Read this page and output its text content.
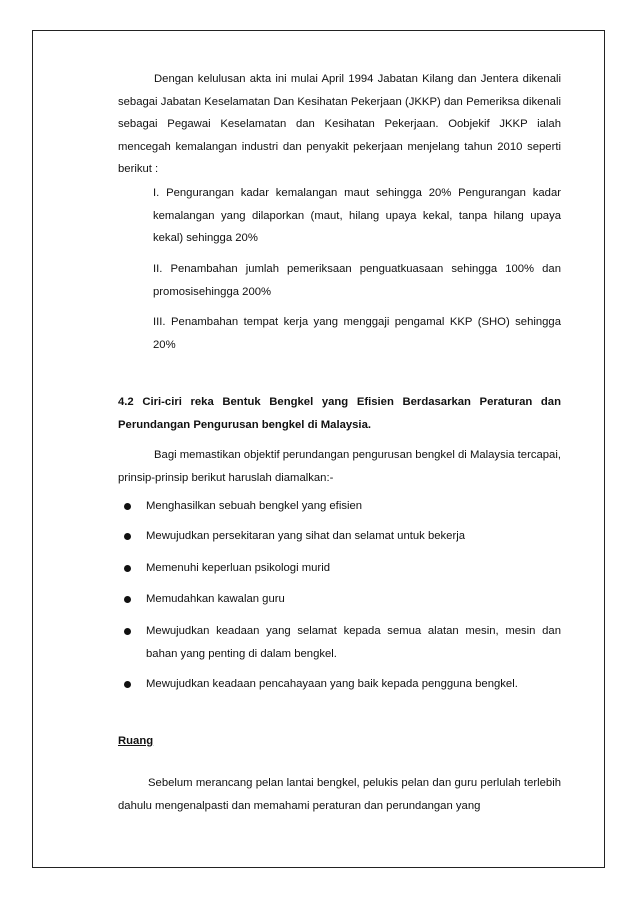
Dengan kelulusan akta ini mulai April 1994 Jabatan Kilang dan Jentera dikenali sebagai Jabatan Keselamatan Dan Kesihatan Pekerjaan (JKKP) dan Pemeriksa dikenali sebagai Pegawai Keselamatan dan Kesihatan Pekerjaan. Oobjekif JKKP ialah mencegah kemalangan industri dan penyakit pekerjaan menjelang tahun 2010 seperti berikut :

I. Pengurangan kadar kemalangan maut sehingga 20% Pengurangan kadar kemalangan yang dilaporkan (maut, hilang upaya kekal, tanpa hilang upaya kekal) sehingga 20%

II. Penambahan jumlah pemeriksaan penguatkuasaan sehingga 100% dan promosisehingga 200%

III. Penambahan tempat kerja yang menggaji pengamal KKP (SHO) sehingga 20%

4.2 Ciri-ciri reka Bentuk Bengkel yang Efisien Berdasarkan Peraturan dan Perundangan Pengurusan bengkel di Malaysia.

Bagi memastikan objektif perundangan pengurusan bengkel di Malaysia tercapai, prinsip-prinsip berikut haruslah diamalkan:-

Menghasilkan sebuah bengkel yang efisien
Mewujudkan persekitaran yang sihat dan selamat untuk bekerja
Memenuhi keperluan psikologi murid
Memudahkan kawalan guru
Mewujudkan keadaan yang selamat kepada semua alatan mesin, mesin dan bahan yang penting di dalam bengkel.
Mewujudkan keadaan pencahayaan yang baik kepada pengguna bengkel.

Ruang

Sebelum merancang pelan lantai bengkel, pelukis pelan dan guru perlulah terlebih dahulu mengenalpasti dan memahami peraturan dan perundangan yang
